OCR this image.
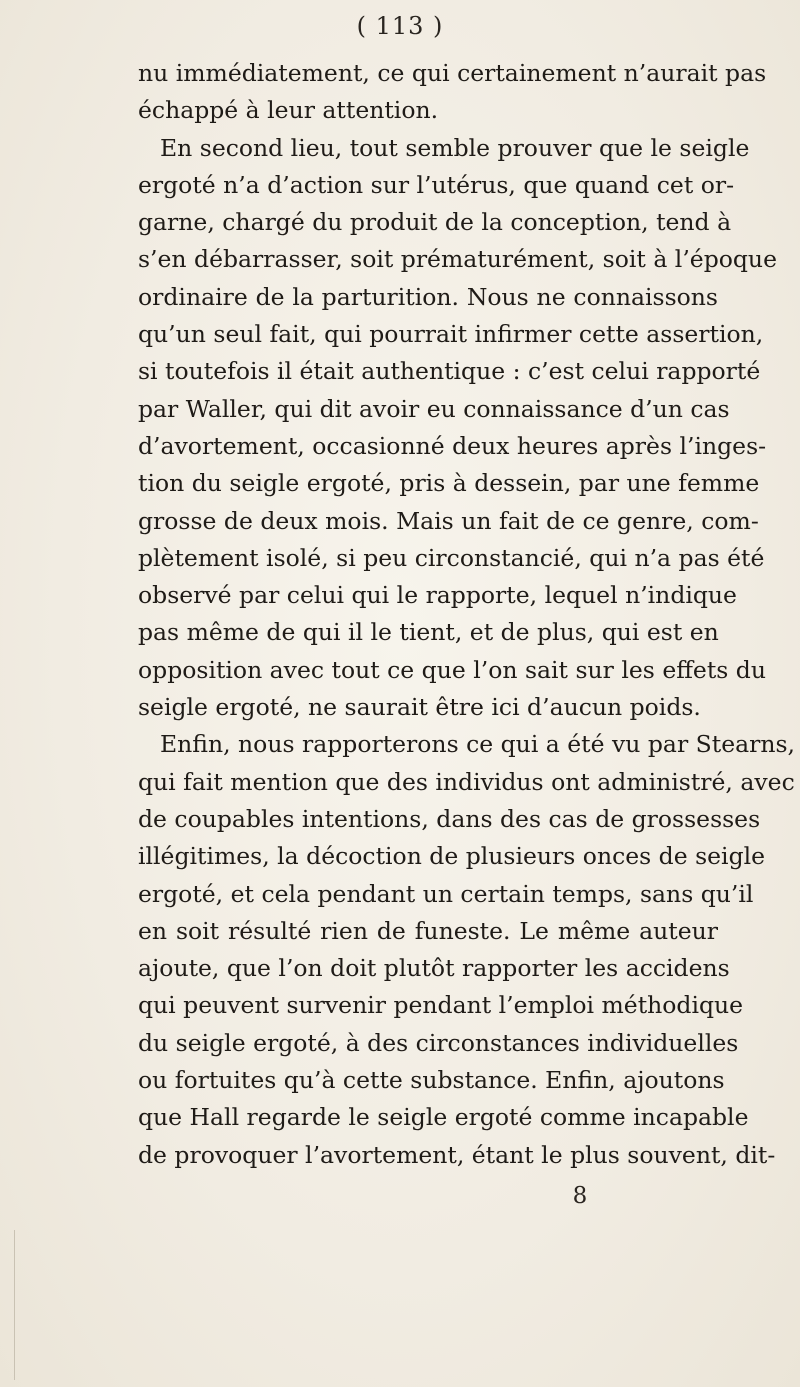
( 113 )
nu immédiatement, ce qui certainement n’aurait pas
échappé à leur attention.
En second lieu, tout semble prouver que le seigle
ergoté n’a d’action sur l’utérus, que quand cet or-
garne, chargé du produit de la conception, tend à
s’en débarrasser, soit prématurément, soit à l’époque
ordinaire de la parturition. Nous ne connaissons
qu’un seul fait, qui pourrait infirmer cette assertion,
si toutefois il était authentique : c’est celui rapporté
par Waller, qui dit avoir eu connaissance d’un cas
d’avortement, occasionné deux heures après l’inges-
tion du seigle ergoté, pris à dessein, par une femme
grosse de deux mois. Mais un fait de ce genre, com-
plètement isolé, si peu circonstancié, qui n’a pas été
observé par celui qui le rapporte, lequel n’indique
pas même de qui il le tient, et de plus, qui est en
opposition avec tout ce que l’on sait sur les effets du
seigle ergoté, ne saurait être ici d’aucun poids.
Enfin, nous rapporterons ce qui a été vu par Stearns,
qui fait mention que des individus ont administré, avec
de coupables intentions, dans des cas de grossesses
illégitimes, la décoction de plusieurs onces de seigle
ergoté, et cela pendant un certain temps, sans qu’il
en soit résulté rien de funeste. Le même auteur
ajoute, que l’on doit plutôt rapporter les accidens
qui peuvent survenir pendant l’emploi méthodique
du seigle ergoté, à des circonstances individuelles
ou fortuites qu’à cette substance. Enfin, ajoutons
que Hall regarde le seigle ergoté comme incapable
de provoquer l’avortement, étant le plus souvent, dit-
8
